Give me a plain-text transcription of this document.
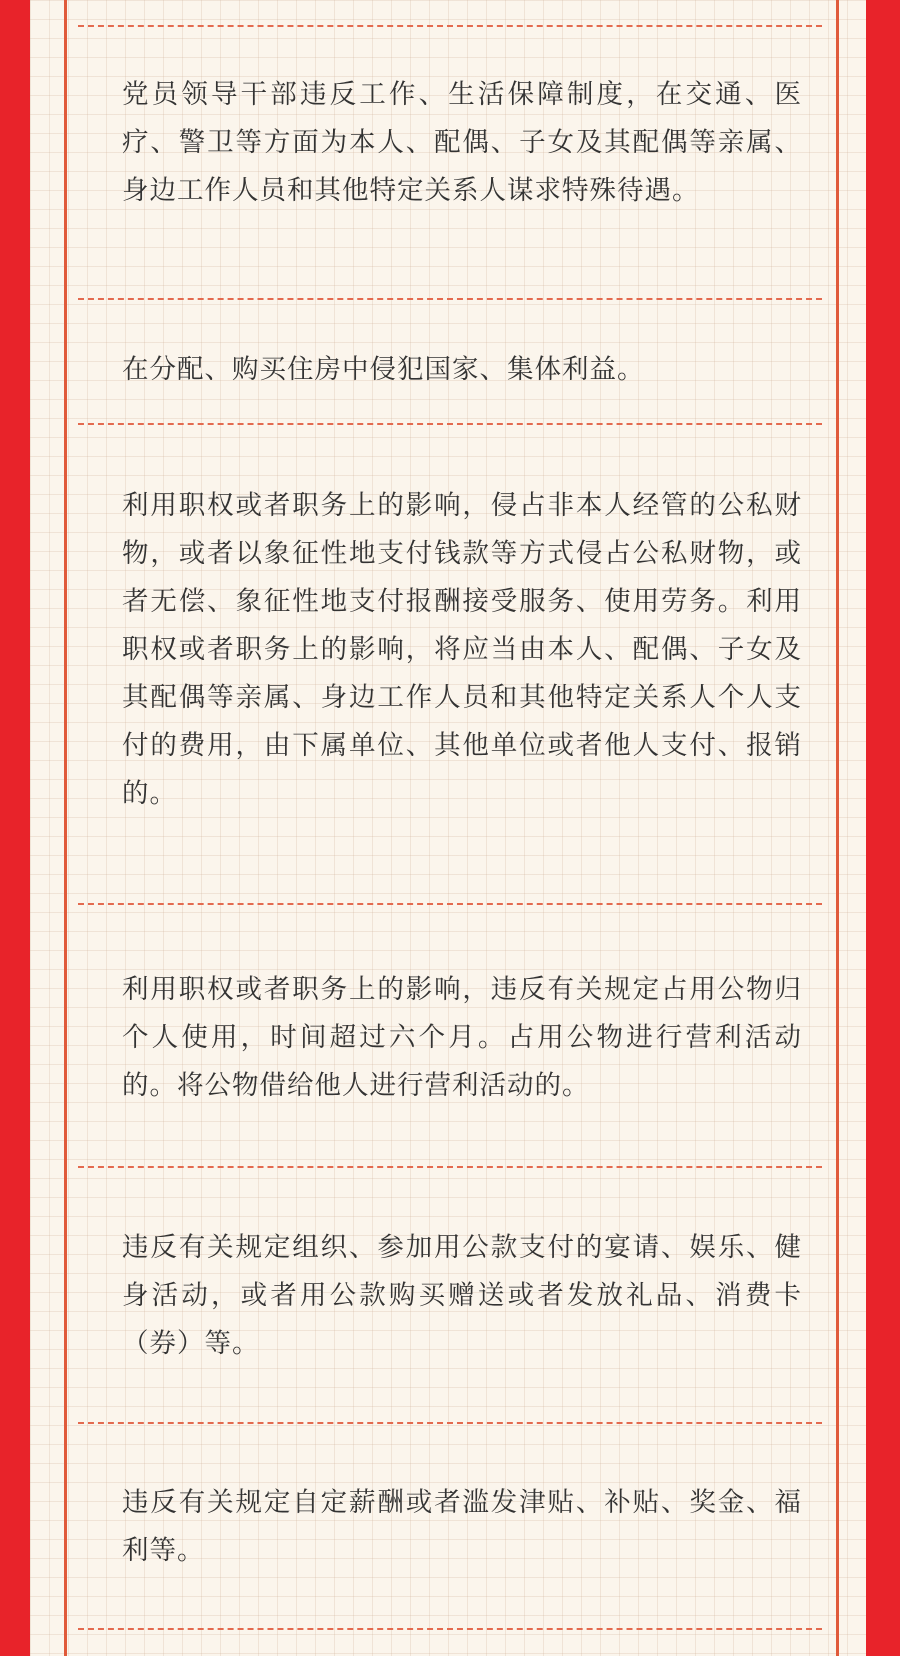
党员领导干部违反工作、生活保障制度，在交通、医疗、警卫等方面为本人、配偶、子女及其配偶等亲属、身边工作人员和其他特定关系人谋求特殊待遇。

在分配、购买住房中侵犯国家、集体利益。

利用职权或者职务上的影响，侵占非本人经管的公私财物，或者以象征性地支付钱款等方式侵占公私财物，或者无偿、象征性地支付报酬接受服务、使用劳务。利用职权或者职务上的影响，将应当由本人、配偶、子女及其配偶等亲属、身边工作人员和其他特定关系人个人支付的费用，由下属单位、其他单位或者他人支付、报销的。

利用职权或者职务上的影响，违反有关规定占用公物归个人使用，时间超过六个月。占用公物进行营利活动的。将公物借给他人进行营利活动的。

违反有关规定组织、参加用公款支付的宴请、娱乐、健身活动，或者用公款购买赠送或者发放礼品、消费卡（券）等。

违反有关规定自定薪酬或者滥发津贴、补贴、奖金、福利等。
